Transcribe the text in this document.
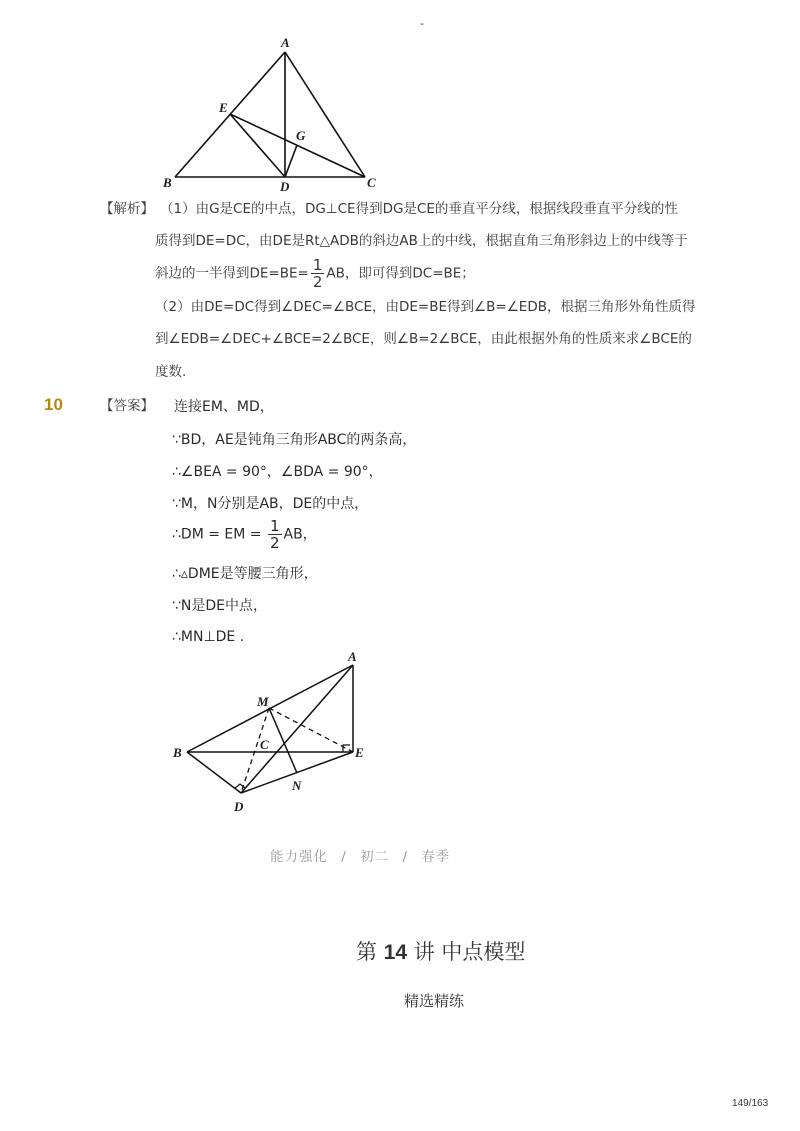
-
A
E
G
B	D	C
【解析】 （1）由G是CE的中点，DG⊥CE得到DG是CE的垂直平分线，根据线段垂直平分线的性
质得到DE=DC，由DE是Rt△ADB的斜边AB上的中线，根据直角三角形斜边上的中线等于
斜边的一半得到$DE=BE= \frac{1}{2}$ AB，即可得到DC=BE；
（2）由DE=DC得到∠DEC=∠BCE，由DE=BE得到∠B=∠EDB，根据三角形外角性质得
到∠EDB=∠DEC+∠BCE=2∠BCE，则∠B=2∠BCE，由此根据外角的性质来求∠BCE的
度数.
10	【答案】 连接EM、MD，
∵BD，AE是钝角三角形ABC的两条高，
∴∠BEA = 90°，∠BDA = 90°，
∵M，N分别是AB，DE的中点，
∴DM = EM = $\frac{1}{2}$ AB，
∴▵DME是等腰三角形，
∵N是DE中点，
∴MN⊥DE .
A
M
C
B	E
N
D
能力强化 / 初二 / 春季
第 14 讲 中点模型
精选精练
149/163
